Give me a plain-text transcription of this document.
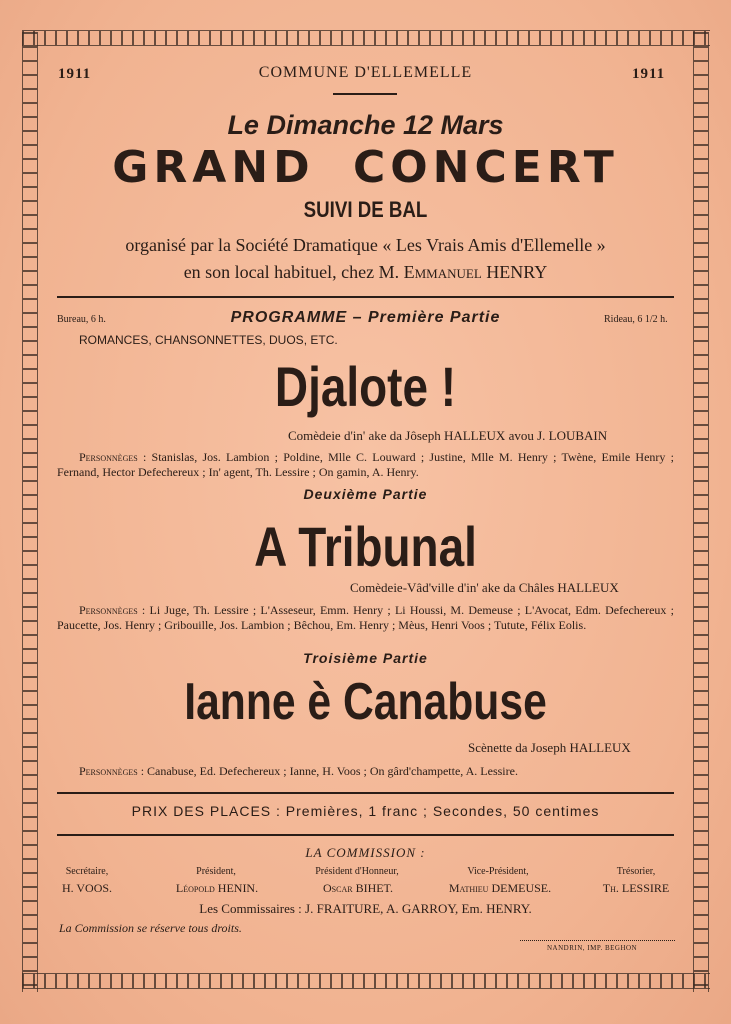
1911	1911
COMMUNE D'ELLEMELLE
Le Dimanche 12 Mars
GRAND CONCERT
SUIVI DE BAL
organisé par la Société Dramatique « Les Vrais Amis d'Ellemelle »
en son local habituel, chez M. Emmanuel HENRY
Bureau, 6 h.	Rideau, 6 1/2 h.
PROGRAMME – Première Partie
ROMANCES, CHANSONNETTES, DUOS, ETC.
Djalote !
Comèdeie d'in' ake da Jôseph HALLEUX avou J. LOUBAIN
Personnèges : Stanislas, Jos. Lambion ; Poldine, Mlle C. Louward ; Justine, Mlle M. Henry ; Twène, Emile Henry ; Fernand, Hector Defechereux ; In' agent, Th. Lessire ; On gamin, A. Henry.
Deuxième Partie
A Tribunal
Comèdeie-Vâd'ville d'in' ake da Châles HALLEUX
Personnèges : Li Juge, Th. Lessire ; L'Asseseur, Emm. Henry ; Li Houssi, M. Demeuse ; L'Avocat, Edm. Defechereux ; Paucette, Jos. Henry ; Gribouille, Jos. Lambion ; Bêchou, Em. Henry ; Mèus, Henri Voos ; Tutute, Félix Eolis.
Troisième Partie
Ianne è Canabuse
Scènette da Joseph HALLEUX
Personnèges : Canabuse, Ed. Defechereux ; Ianne, H. Voos ; On gârd'champette, A. Lessire.
PRIX DES PLACES : Premières, 1 franc ; Secondes, 50 centimes
LA COMMISSION :
Secrétaire,	Président,	Président d'Honneur,	Vice-Président,	Trésorier,
H. VOOS.	Léopold HENIN.	Oscar BIHET.	Mathieu DEMEUSE.	Th. LESSIRE
Les Commissaires : J. FRAITURE, A. GARROY, Em. HENRY.
La Commission se réserve tous droits.
NANDRIN, IMP. BEGHON
